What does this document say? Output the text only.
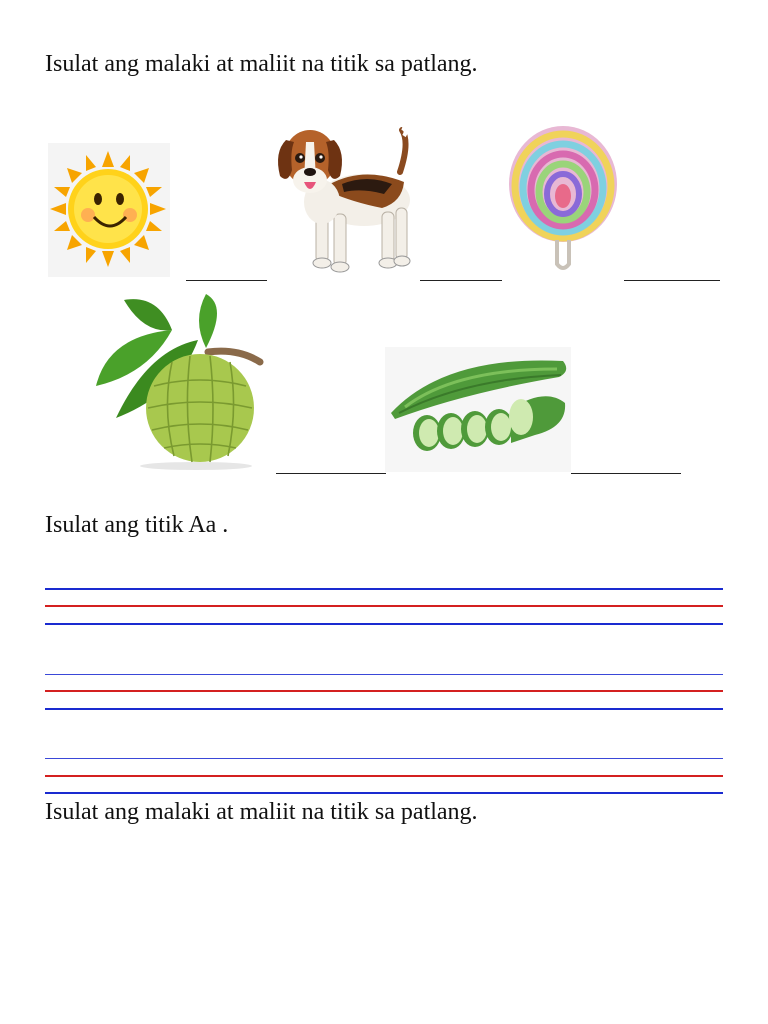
Isulat ang malaki at maliit na titik sa patlang.
Isulat ang titik Aa .
Isulat ang malaki at maliit na titik sa patlang.
